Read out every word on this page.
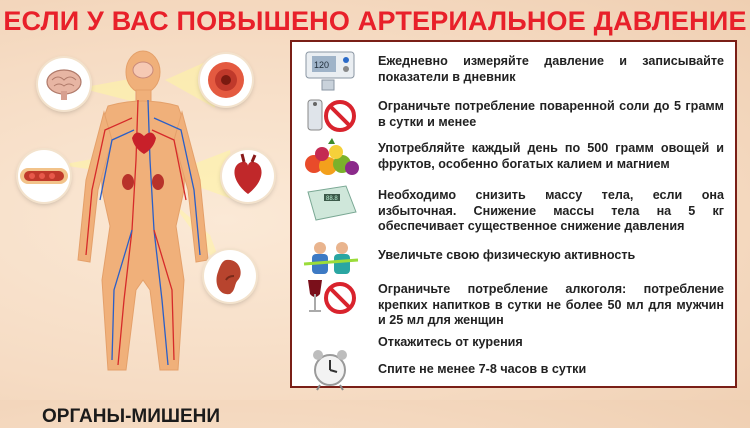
ЕСЛИ У ВАС ПОВЫШЕНО АРТЕРИАЛЬНОЕ ДАВЛЕНИЕ
ОРГАНЫ-МИШЕНИ
120	Ежедневно измеряйте давление и записывайте показатели в дневник
Ограничьте потребление поваренной соли до 5 грамм в сутки и менее
Употребляйте каждый день по 500 грамм овощей и фруктов, особенно богатых калием и магнием
88.8	Необходимо снизить массу тела, если она избыточная. Снижение массы тела на 5 кг обеспечивает существенное снижение давления
Увеличьте свою физическую активность
Ограничьте потребление алкоголя: потребление крепких напитков в сутки не более 50 мл для мужчин и 25 мл для женщин
Откажитесь от курения
Спите не менее 7-8 часов в сутки
